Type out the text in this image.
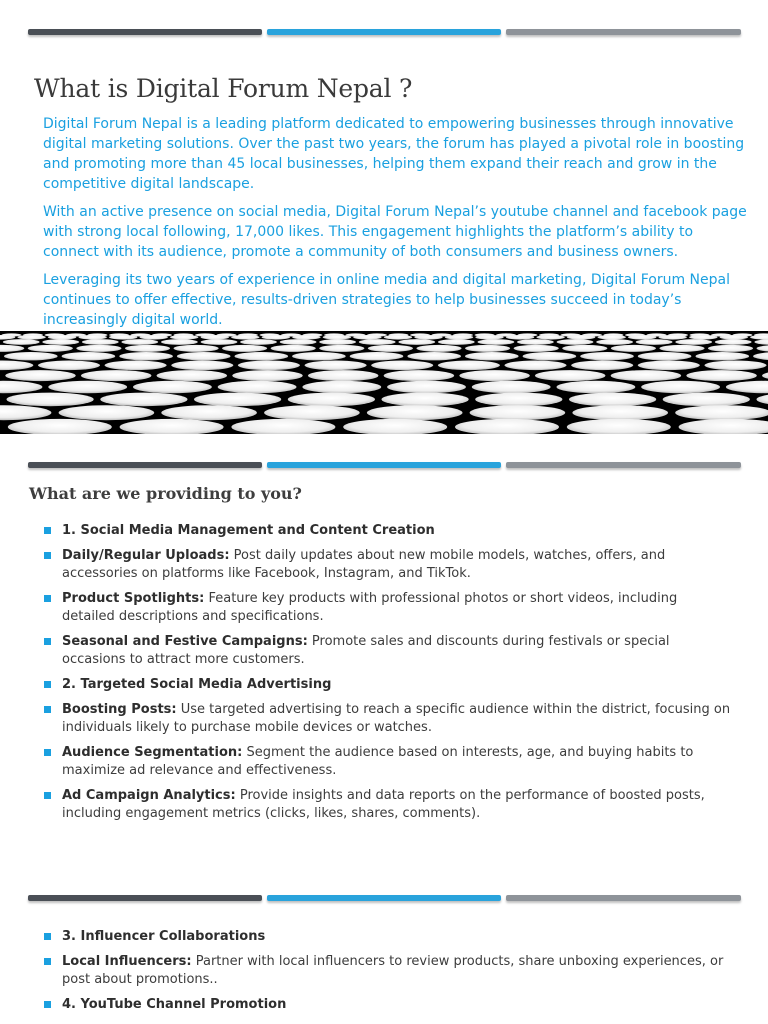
What is Digital Forum Nepal ?

Digital Forum Nepal is a leading platform dedicated to empowering businesses through innovative digital marketing solutions. Over the past two years, the forum has played a pivotal role in boosting and promoting more than 45 local businesses, helping them expand their reach and grow in the competitive digital landscape.

With an active presence on social media, Digital Forum Nepal’s youtube channel and facebook page with strong local following, 17,000 likes. This engagement highlights the platform’s ability to connect with its audience, promote a community of both consumers and business owners.

Leveraging its two years of experience in online media and digital marketing, Digital Forum Nepal continues to offer effective, results-driven strategies to help businesses succeed in today’s increasingly digital world.

What are we providing to you?
1. Social Media Management and Content Creation
Daily/Regular Uploads: Post daily updates about new mobile models, watches, offers, and accessories on platforms like Facebook, Instagram, and TikTok.
Product Spotlights: Feature key products with professional photos or short videos, including detailed descriptions and specifications.
Seasonal and Festive Campaigns: Promote sales and discounts during festivals or special occasions to attract more customers.
2. Targeted Social Media Advertising
Boosting Posts: Use targeted advertising to reach a specific audience within the district, focusing on individuals likely to purchase mobile devices or watches.
Audience Segmentation: Segment the audience based on interests, age, and buying habits to maximize ad relevance and effectiveness.
Ad Campaign Analytics: Provide insights and data reports on the performance of boosted posts, including engagement metrics (clicks, likes, shares, comments).
3. Influencer Collaborations
Local Influencers: Partner with local influencers to review products, share unboxing experiences, or post about promotions..
4. YouTube Channel Promotion
